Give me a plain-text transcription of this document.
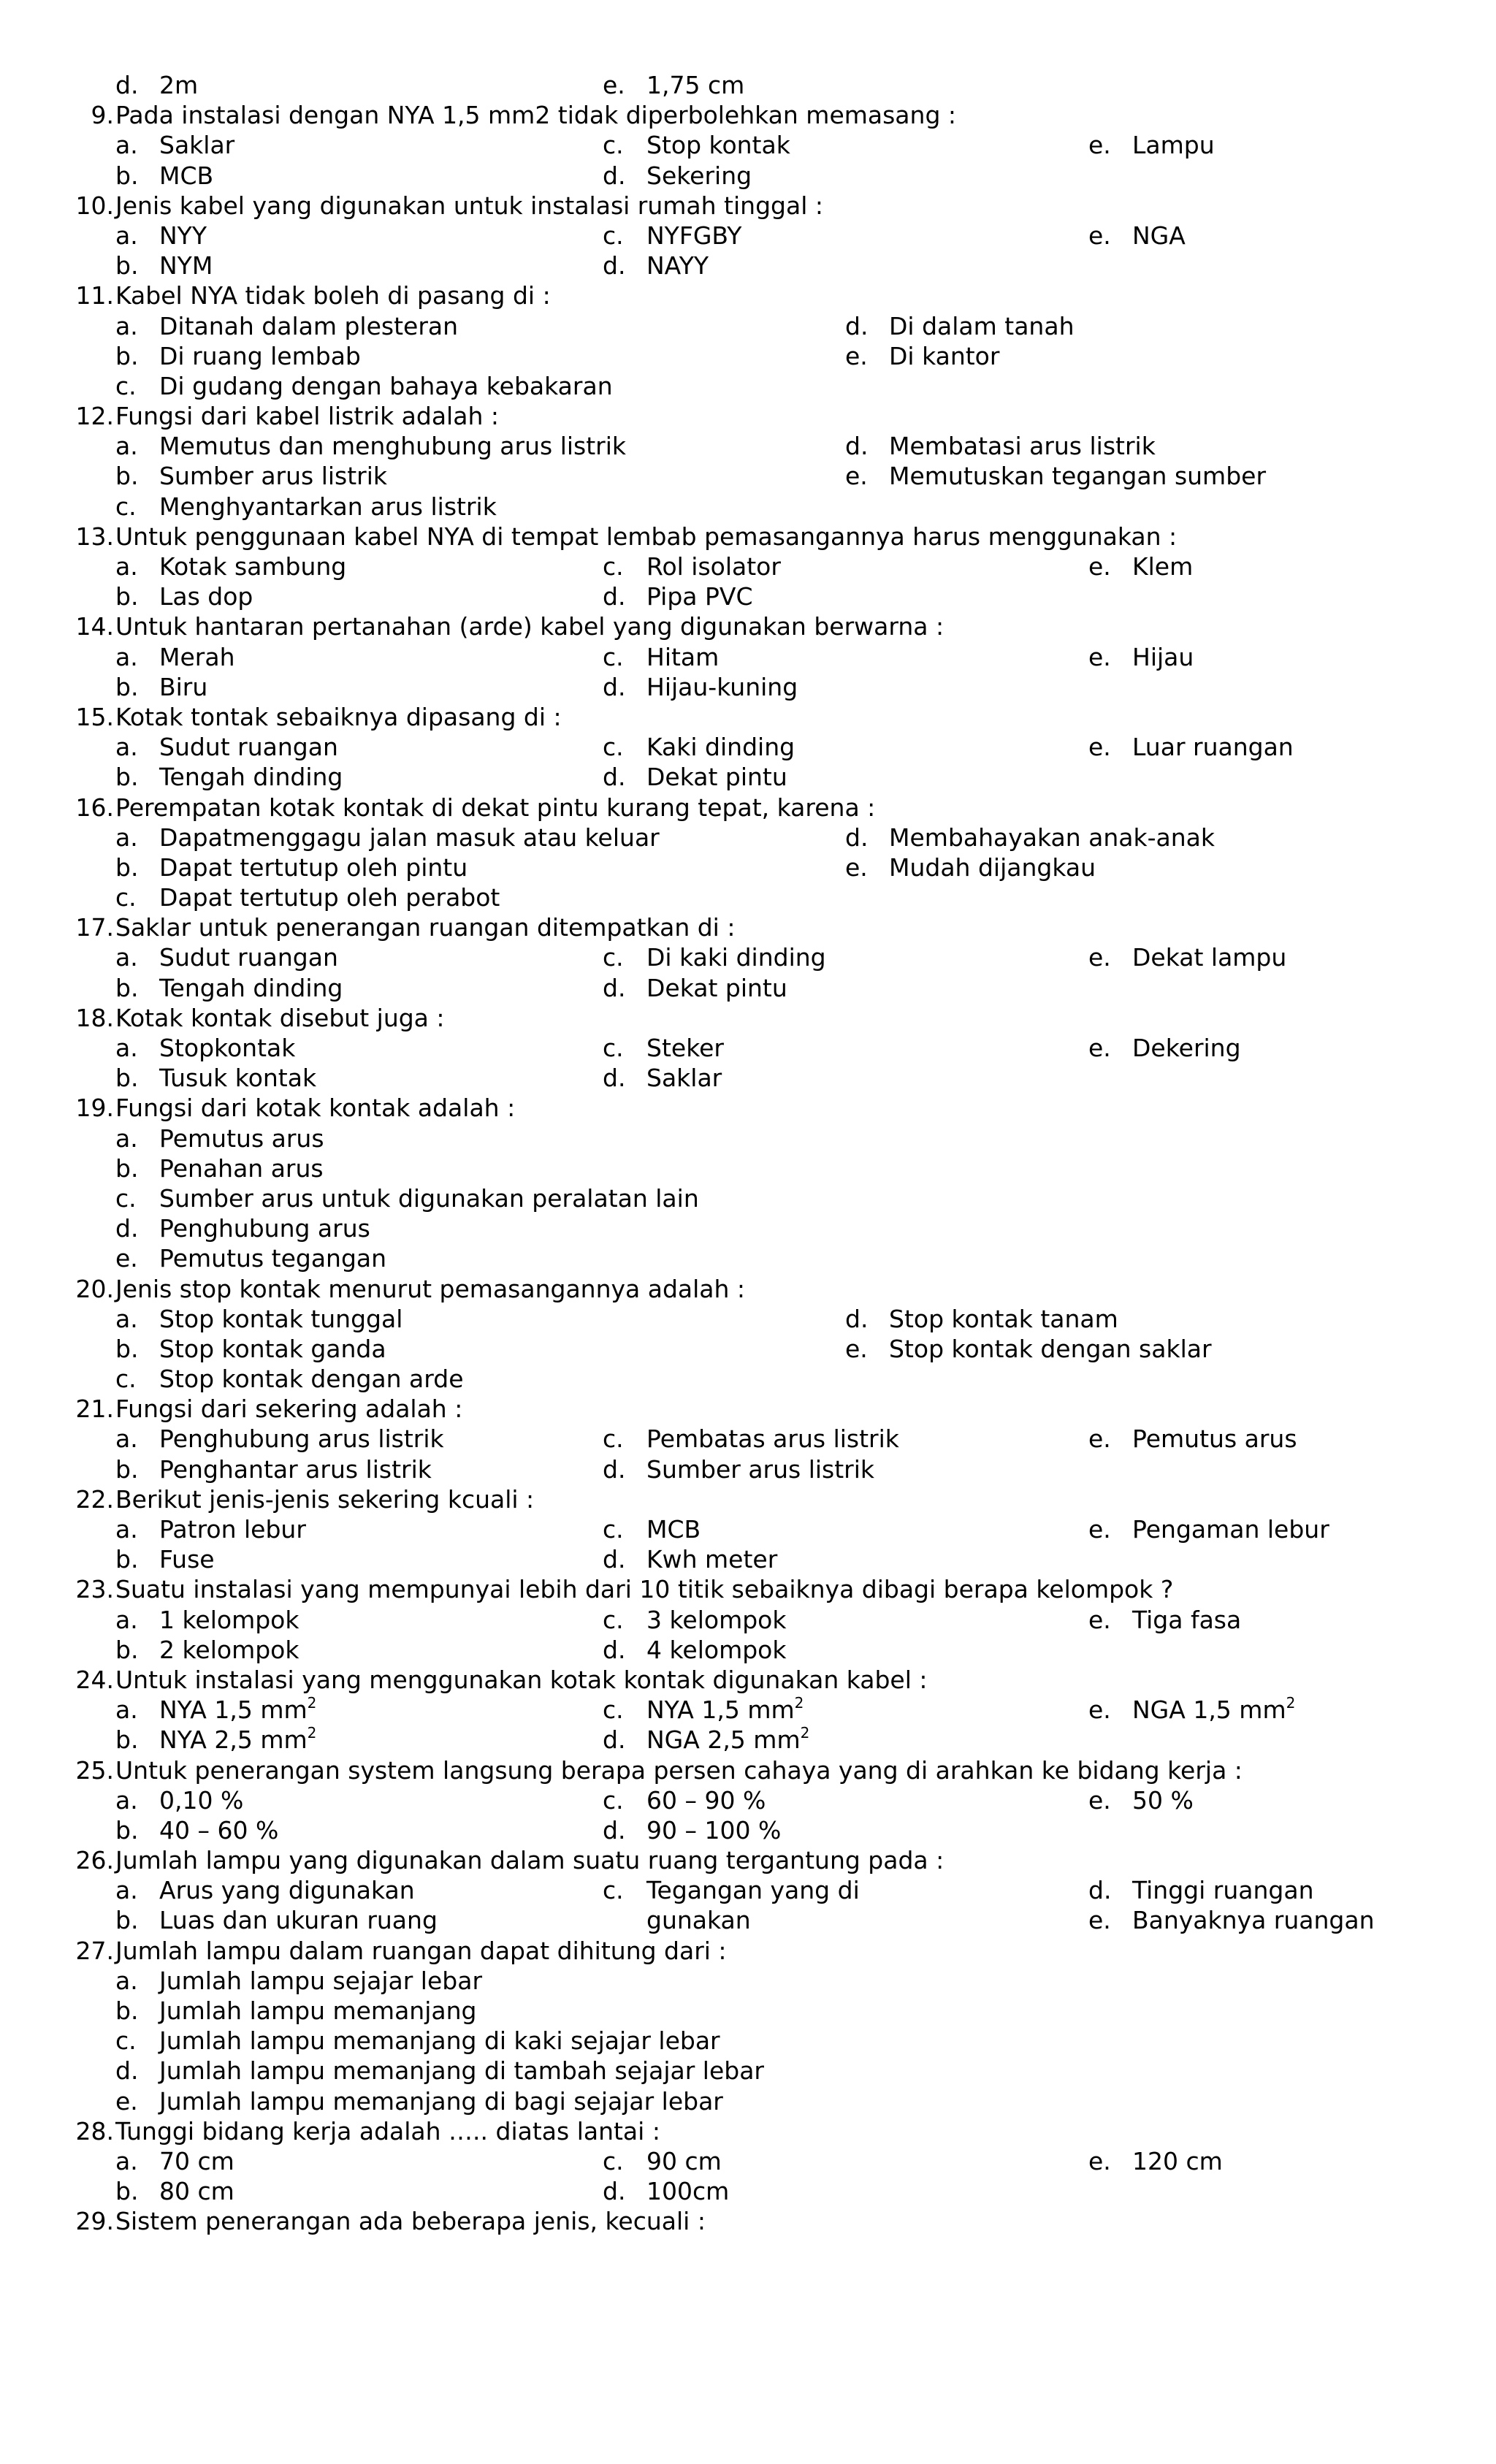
d. 2m	e. 1,75 cm
9. Pada instalasi dengan NYA 1,5 mm2 tidak diperbolehkan memasang :
a. Saklar	c. Stop kontak	e. Lampu
b. MCB	d. Sekering
10. Jenis kabel yang digunakan untuk instalasi rumah tinggal :
a. NYY	c. NYFGBY	e. NGA
b. NYM	d. NAYY
11. Kabel NYA tidak boleh di pasang di :
a. Ditanah dalam plesteran	d. Di dalam tanah
b. Di ruang lembab	e. Di kantor
c. Di gudang dengan bahaya kebakaran
12. Fungsi dari kabel listrik adalah :
a. Memutus dan menghubung arus listrik	d. Membatasi arus listrik
b. Sumber arus listrik	e. Memutuskan tegangan sumber
c. Menghyantarkan arus listrik
13. Untuk penggunaan kabel NYA di tempat lembab pemasangannya harus menggunakan :
a. Kotak sambung	c. Rol isolator	e. Klem
b. Las dop	d. Pipa PVC
14. Untuk hantaran pertanahan (arde) kabel yang digunakan berwarna :
a. Merah	c. Hitam	e. Hijau
b. Biru	d. Hijau-kuning
15. Kotak tontak sebaiknya dipasang di :
a. Sudut ruangan	c. Kaki dinding	e. Luar ruangan
b. Tengah dinding	d. Dekat pintu
16. Perempatan kotak kontak di dekat pintu kurang tepat, karena :
a. Dapatmenggagu jalan masuk atau keluar	d. Membahayakan anak-anak
b. Dapat tertutup oleh pintu	e. Mudah dijangkau
c. Dapat tertutup oleh perabot
17. Saklar untuk penerangan ruangan ditempatkan di :
a. Sudut ruangan	c. Di kaki dinding	e. Dekat lampu
b. Tengah dinding	d. Dekat pintu
18. Kotak kontak disebut juga :
a. Stopkontak	c. Steker	e. Dekering
b. Tusuk kontak	d. Saklar
19. Fungsi dari kotak kontak adalah :
a. Pemutus arus
b. Penahan arus
c. Sumber arus untuk digunakan peralatan lain
d. Penghubung arus
e. Pemutus tegangan
20. Jenis stop kontak menurut pemasangannya adalah :
a. Stop kontak tunggal	d. Stop kontak tanam
b. Stop kontak ganda	e. Stop kontak dengan saklar
c. Stop kontak dengan arde
21. Fungsi dari sekering adalah :
a. Penghubung arus listrik	c. Pembatas arus listrik	e. Pemutus arus
b. Penghantar arus listrik	d. Sumber arus listrik
22. Berikut jenis-jenis sekering kcuali :
a. Patron lebur	c. MCB	e. Pengaman lebur
b. Fuse	d. Kwh meter
23. Suatu instalasi yang mempunyai lebih dari 10 titik sebaiknya dibagi berapa kelompok ?
a. 1 kelompok	c. 3 kelompok	e. Tiga fasa
b. 2 kelompok	d. 4 kelompok
24. Untuk instalasi yang menggunakan kotak kontak digunakan kabel :
a. NYA 1,5 $mm^2$	c. NYA 1,5 $mm^2$	e. NGA 1,5 $mm^2$
b. NYA 2,5 $mm^2$	d. NGA 2,5 $mm^2$
25. Untuk penerangan system langsung berapa persen cahaya yang di arahkan ke bidang kerja :
a. 0,10 %	c. 60 – 90 %	e. 50 %
b. 40 – 60 %	d. 90 – 100 %
26. Jumlah lampu yang digunakan dalam suatu ruang tergantung pada :
a. Arus yang digunakan	c. Tegangan yang di	d. Tinggi ruangan
b. Luas dan ukuran ruang	gunakan	e. Banyaknya ruangan
27. Jumlah lampu dalam ruangan dapat dihitung dari :
a. Jumlah lampu sejajar lebar
b. Jumlah lampu memanjang
c. Jumlah lampu memanjang di kaki sejajar lebar
d. Jumlah lampu memanjang di tambah sejajar lebar
e. Jumlah lampu memanjang di bagi sejajar lebar
28. Tunggi bidang kerja adalah ….. diatas lantai :
a. 70 cm	c. 90 cm	e. 120 cm
b. 80 cm	d. 100cm
29. Sistem penerangan ada beberapa jenis, kecuali :
